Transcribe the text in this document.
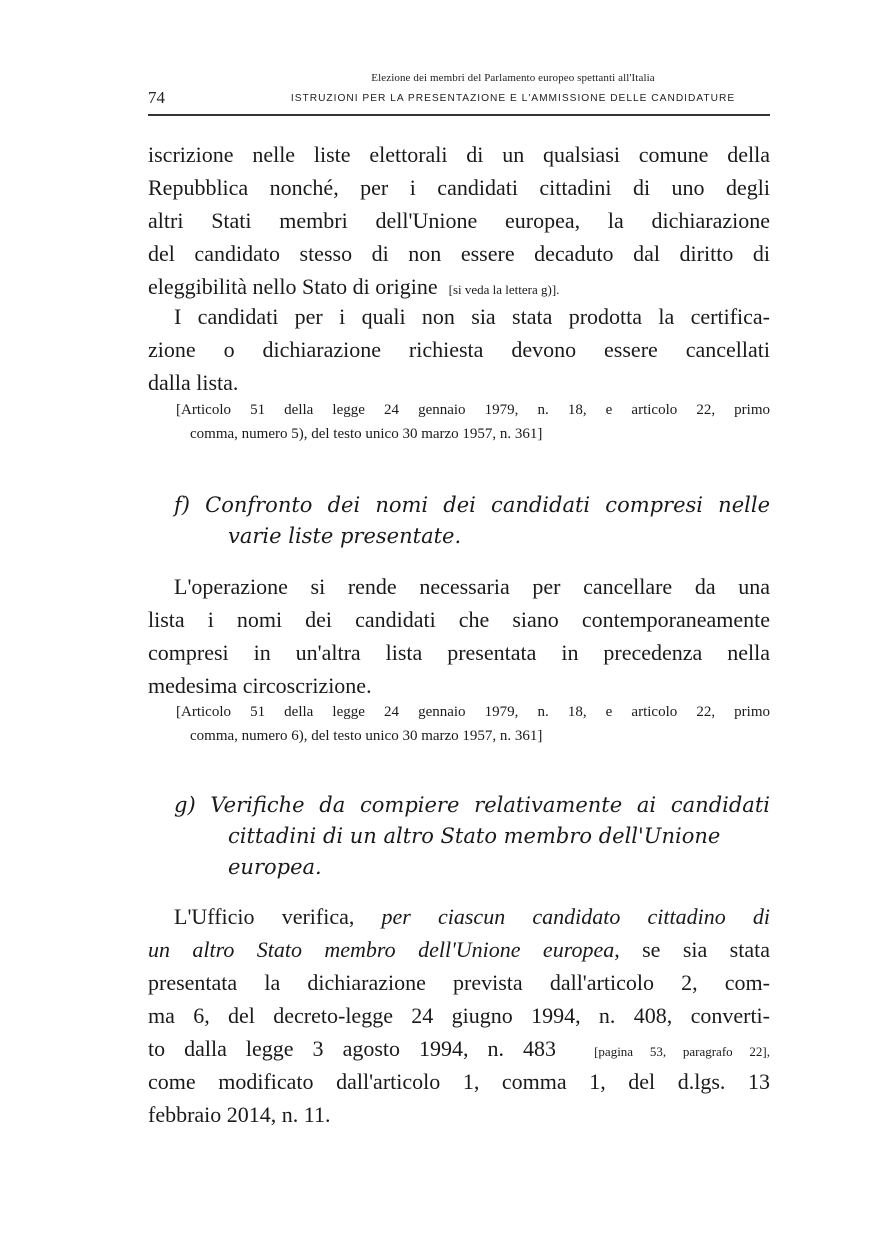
Elezione dei membri del Parlamento europeo spettanti all'Italia
74	ISTRUZIONI PER LA PRESENTAZIONE E L'AMMISSIONE DELLE CANDIDATURE
iscrizione nelle liste elettorali di un qualsiasi comune della
Repubblica nonché, per i candidati cittadini di uno degli
altri Stati membri dell'Unione europea, la dichiarazione
del candidato stesso di non essere decaduto dal diritto di
eleggibilità nello Stato di origine [si veda la lettera g)].
I candidati per i quali non sia stata prodotta la certifica-
zione o dichiarazione richiesta devono essere cancellati
dalla lista.
[Articolo 51 della legge 24 gennaio 1979, n. 18, e articolo 22, primo
comma, numero 5), del testo unico 30 marzo 1957, n. 361]
f) Confronto dei nomi dei candidati compresi nelle
varie liste presentate.
L'operazione si rende necessaria per cancellare da una
lista i nomi dei candidati che siano contemporaneamente
compresi in un'altra lista presentata in precedenza nella
medesima circoscrizione.
[Articolo 51 della legge 24 gennaio 1979, n. 18, e articolo 22, primo
comma, numero 6), del testo unico 30 marzo 1957, n. 361]
g) Verifiche da compiere relativamente ai candidati
cittadini di un altro Stato membro dell'Unione
europea.
L'Ufficio verifica, per ciascun candidato cittadino di
un altro Stato membro dell'Unione europea, se sia stata
presentata la dichiarazione prevista dall'articolo 2, com-
ma 6, del decreto-legge 24 giugno 1994, n. 408, converti-
to dalla legge 3 agosto 1994, n. 483	[pagina 53, paragrafo 22],
come modificato dall'articolo 1, comma 1, del d.lgs. 13
febbraio 2014, n. 11.
